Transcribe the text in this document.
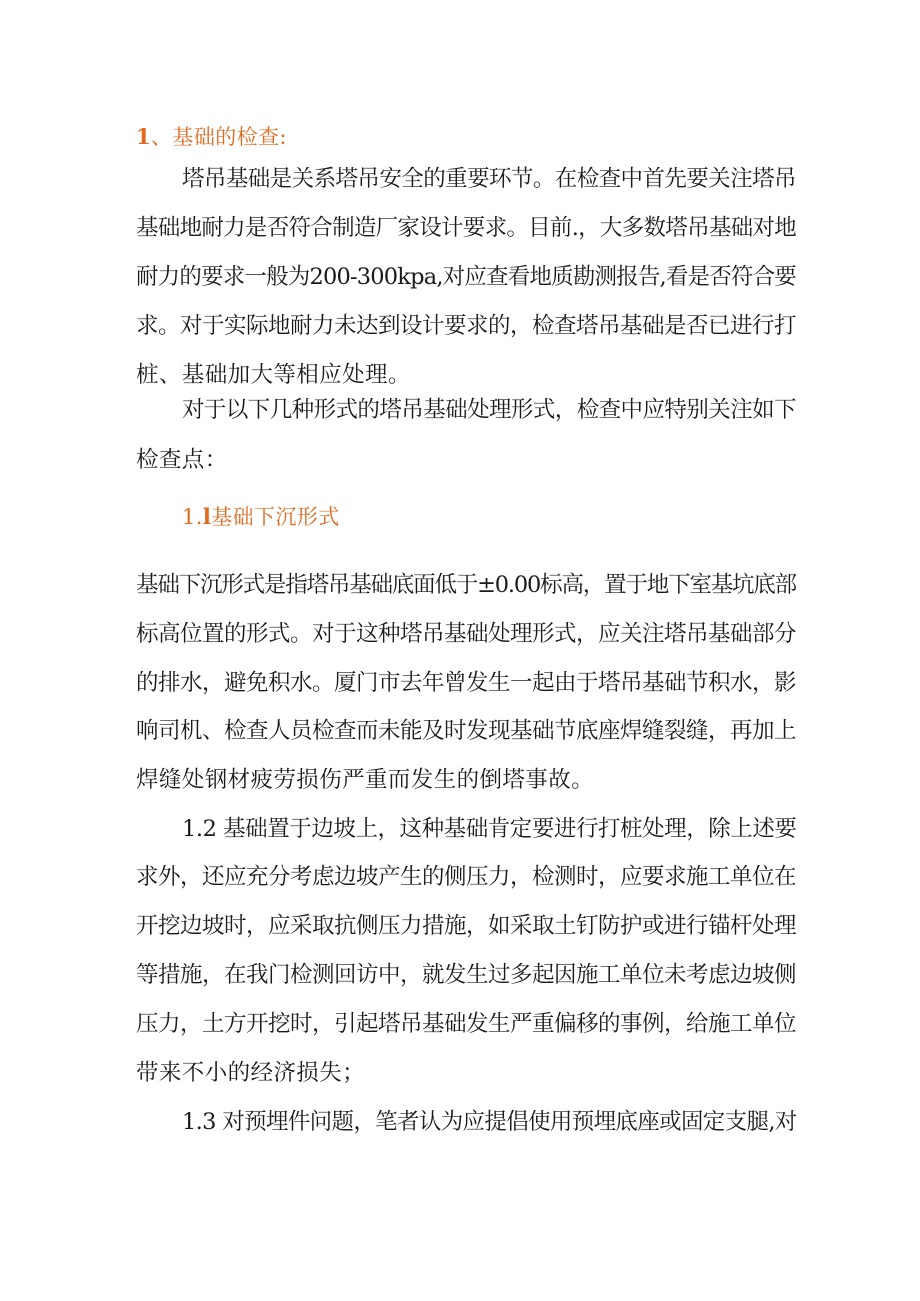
1、基础的检查:
塔吊基础是关系塔吊安全的重要环节。在检查中首先要关注塔吊
基础地耐力是否符合制造厂家设计要求。目前.，大多数塔吊基础对地
耐力的要求一般为200-300kpa,对应查看地质勘测报告,看是否符合要
求。对于实际地耐力未达到设计要求的，检查塔吊基础是否已进行打
桩、基础加大等相应处理。
对于以下几种形式的塔吊基础处理形式，检查中应特别关注如下
检查点：
1.l基础下沉形式
基础下沉形式是指塔吊基础底面低于±0.00标高，置于地下室基坑底部
标高位置的形式。对于这种塔吊基础处理形式，应关注塔吊基础部分
的排水，避免积水。厦门市去年曾发生一起由于塔吊基础节积水，影
响司机、检查人员检查而未能及时发现基础节底座焊缝裂缝，再加上
焊缝处钢材疲劳损伤严重而发生的倒塔事故。
1.2 基础置于边坡上，这种基础肯定要进行打桩处理，除上述要
求外，还应充分考虑边坡产生的侧压力，检测时，应要求施工单位在
开挖边坡时，应采取抗侧压力措施，如采取土钉防护或进行锚杆处理
等措施，在我门检测回访中，就发生过多起因施工单位未考虑边坡侧
压力，土方开挖时，引起塔吊基础发生严重偏移的事例，给施工单位
带来不小的经济损失；
1.3 对预埋件问题，笔者认为应提倡使用预埋底座或固定支腿,对
